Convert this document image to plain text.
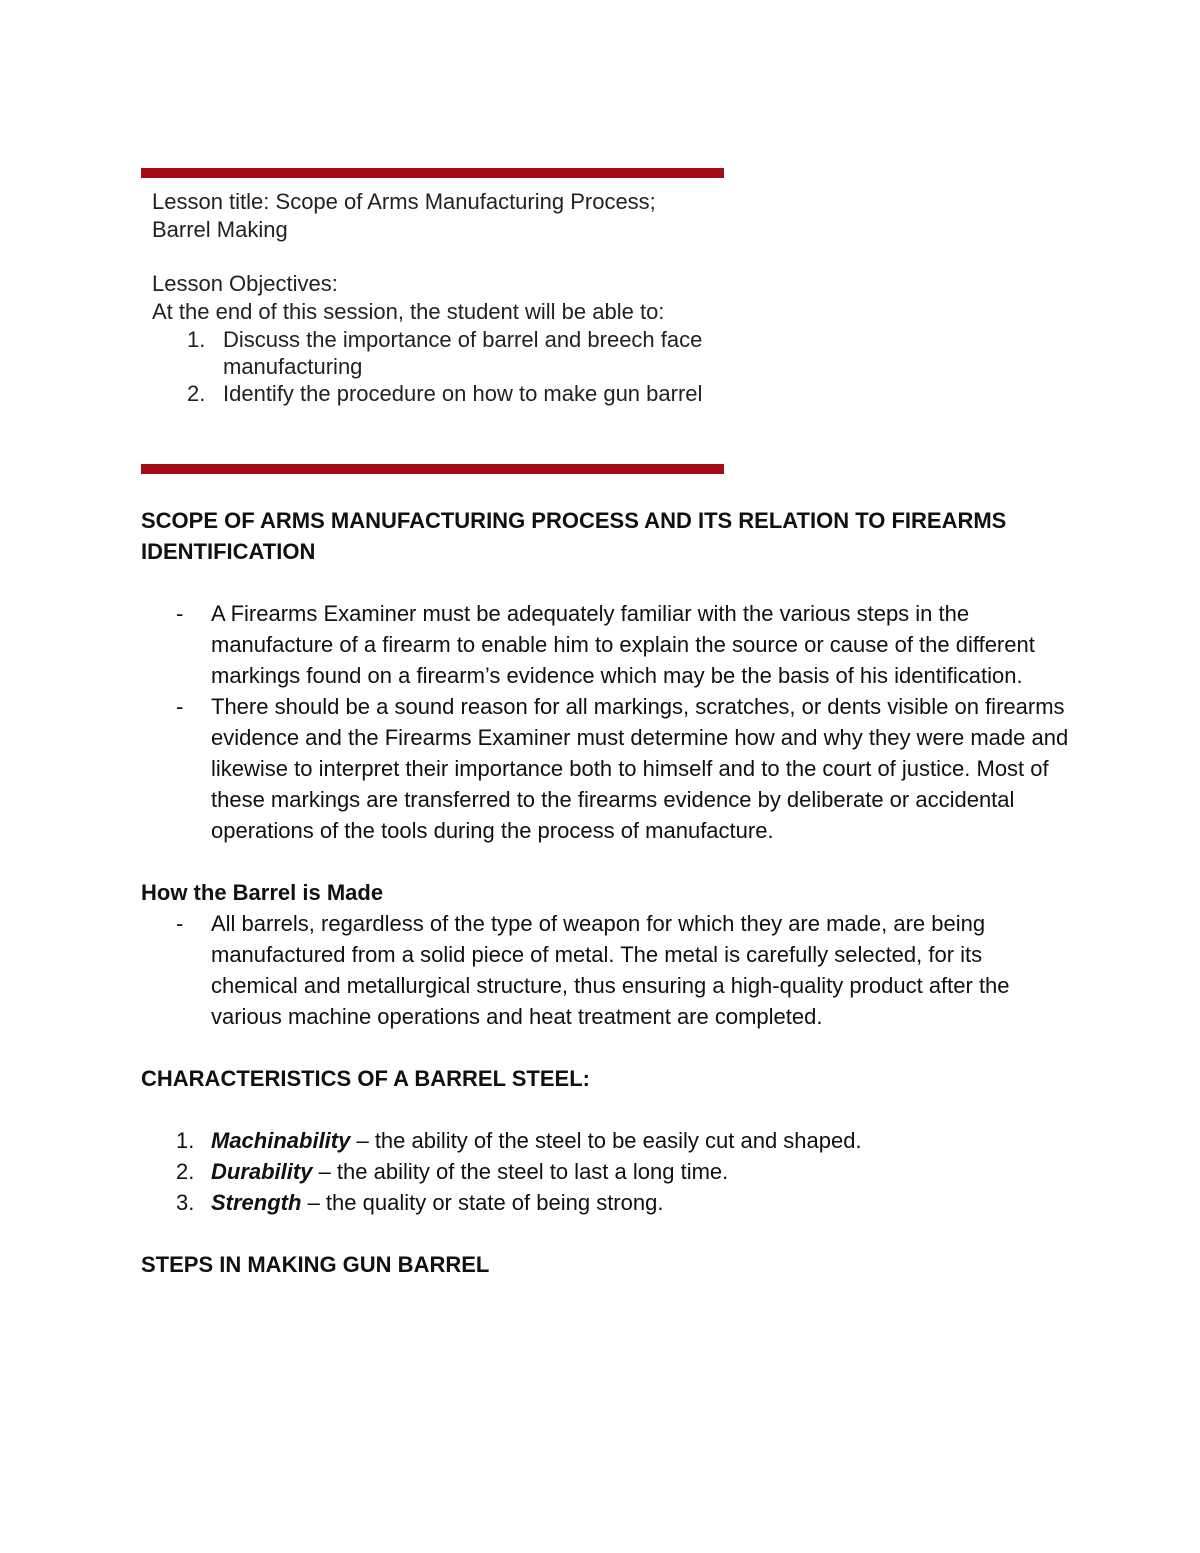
Lesson title: Scope of Arms Manufacturing Process;

Barrel Making

Lesson Objectives:

At the end of this session, the student will be able to:

1. Discuss the importance of barrel and breech face manufacturing
2. Identify the procedure on how to make gun barrel
SCOPE OF ARMS MANUFACTURING PROCESS AND ITS RELATION TO FIREARMS IDENTIFICATION
- A Firearms Examiner must be adequately familiar with the various steps in the manufacture of a firearm to enable him to explain the source or cause of the different markings found on a firearm’s evidence which may be the basis of his identification.
- There should be a sound reason for all markings, scratches, or dents visible on firearms evidence and the Firearms Examiner must determine how and why they were made and likewise to interpret their importance both to himself and to the court of justice. Most of these markings are transferred to the firearms evidence by deliberate or accidental operations of the tools during the process of manufacture.
How the Barrel is Made
- All barrels, regardless of the type of weapon for which they are made, are being manufactured from a solid piece of metal. The metal is carefully selected, for its chemical and metallurgical structure, thus ensuring a high-quality product after the various machine operations and heat treatment are completed.
CHARACTERISTICS OF A BARREL STEEL:
1. Machinability – the ability of the steel to be easily cut and shaped.
2. Durability – the ability of the steel to last a long time.
3. Strength – the quality or state of being strong.
STEPS IN MAKING GUN BARREL
